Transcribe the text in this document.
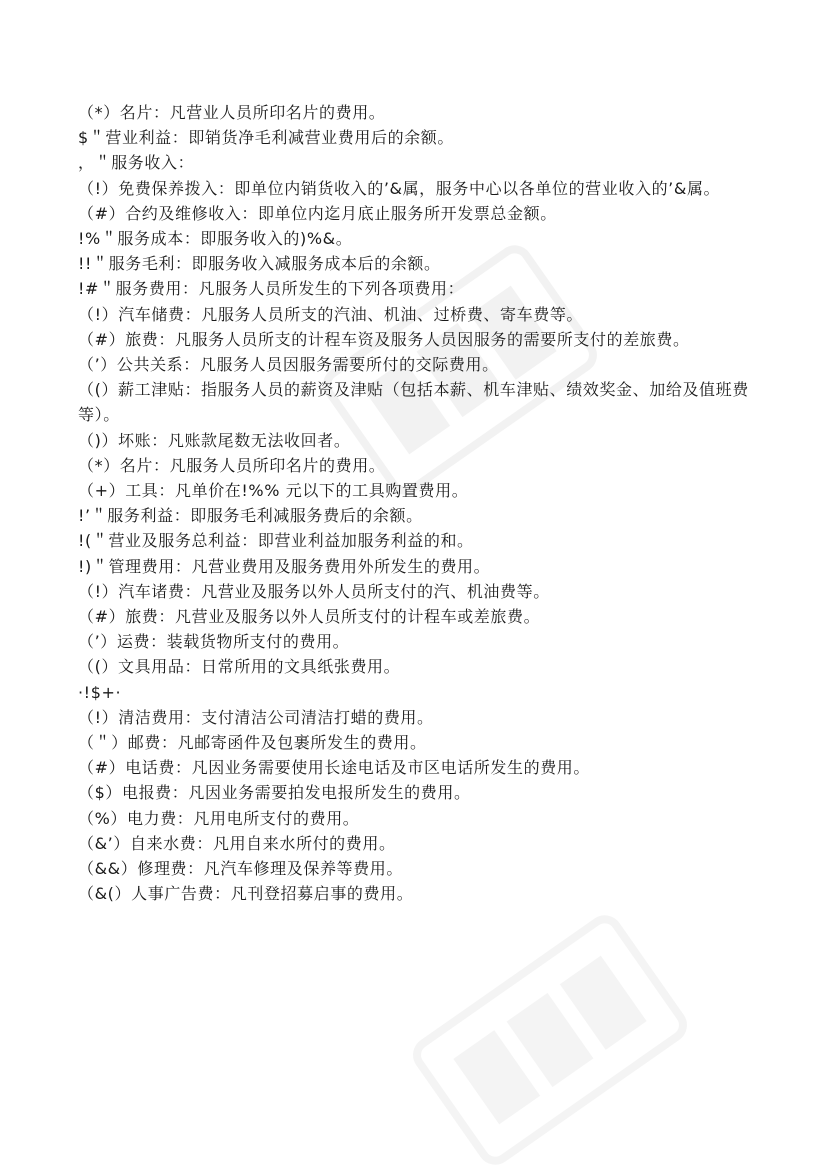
（*）名片：凡营业人员所印名片的费用。

$＂营业利益：即销货净毛利减营业费用后的余额。

，＂服务收入：

（!）免费保养拨入：即单位内销货收入的’&属，服务中心以各单位的营业收入的’&属。

（#）合约及维修收入：即单位内迄月底止服务所开发票总金额。

!%＂服务成本：即服务收入的)%&。

!!＂服务毛利：即服务收入减服务成本后的余额。

!#＂服务费用：凡服务人员所发生的下列各项费用：

（!）汽车储费：凡服务人员所支的汽油、机油、过桥费、寄车费等。

（#）旅费：凡服务人员所支的计程车资及服务人员因服务的需要所支付的差旅费。

（’）公共关系：凡服务人员因服务需要所付的交际费用。

（(）薪工津贴：指服务人员的薪资及津贴（包括本薪、机车津贴、绩效奖金、加给及值班费等）。

（)）坏账：凡账款尾数无法收回者。

（*）名片：凡服务人员所印名片的费用。

（+）工具：凡单价在!%% 元以下的工具购置费用。

!’＂服务利益：即服务毛利减服务费后的余额。

!(＂营业及服务总利益：即营业利益加服务利益的和。

!)＂管理费用：凡营业费用及服务费用外所发生的费用。

（!）汽车诸费：凡营业及服务以外人员所支付的汽、机油费等。

（#）旅费：凡营业及服务以外人员所支付的计程车或差旅费。

（’）运费：装载货物所支付的费用。

（(）文具用品：日常所用的文具纸张费用。

·!$+·

（!）清洁费用：支付清洁公司清洁打蜡的费用。

（＂）邮费：凡邮寄函件及包裹所发生的费用。

（#）电话费：凡因业务需要使用长途电话及市区电话所发生的费用。

（$）电报费：凡因业务需要拍发电报所发生的费用。

（%）电力费：凡用电所支付的费用。

（&’）自来水费：凡用自来水所付的费用。

（&&）修理费：凡汽车修理及保养等费用。

（&(）人事广告费：凡刊登招募启事的费用。
